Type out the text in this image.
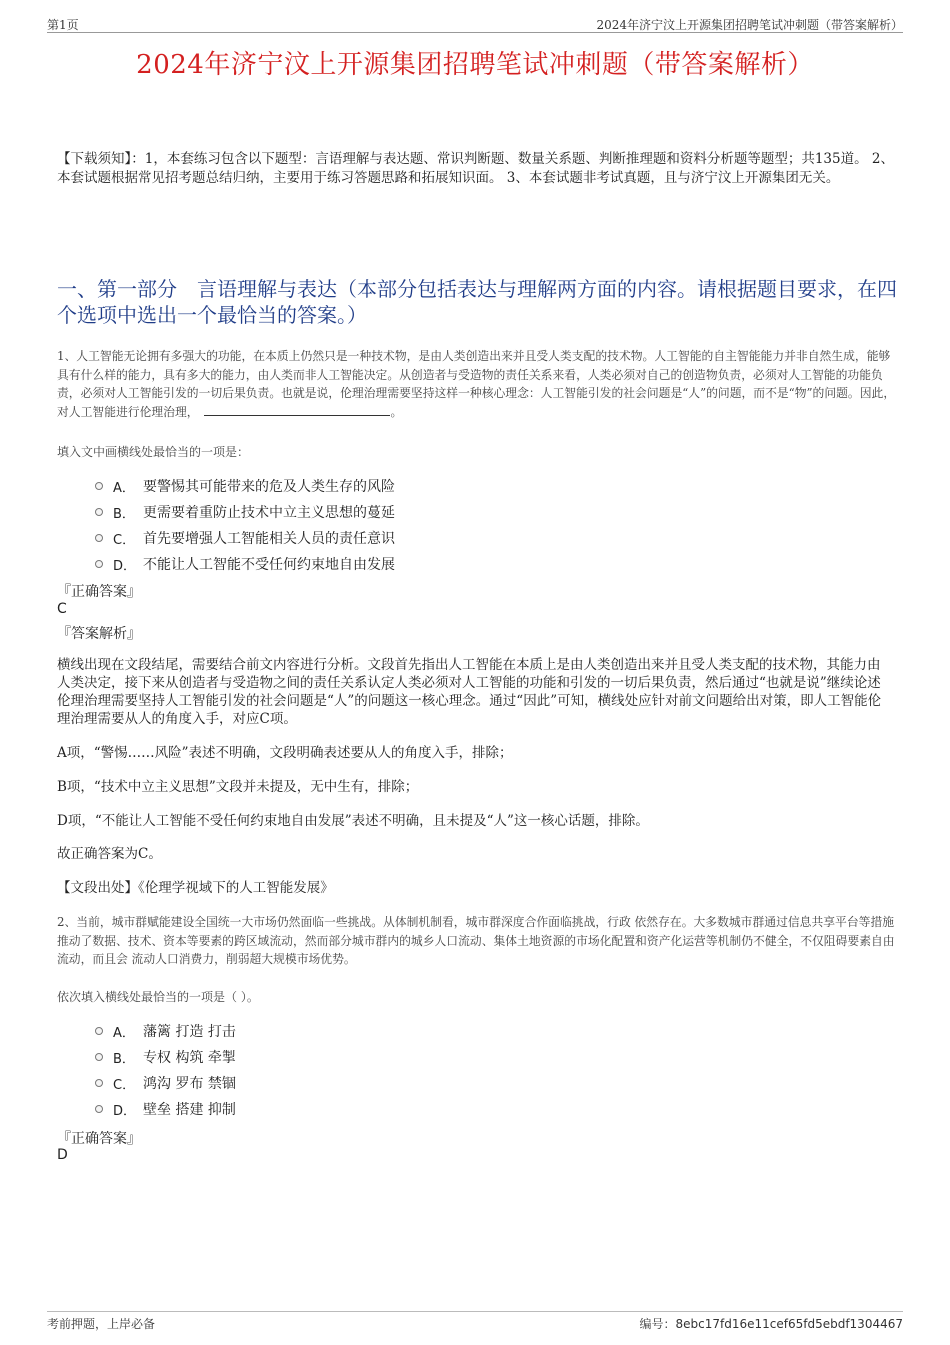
第1页	2024年济宁汶上开源集团招聘笔试冲刺题（带答案解析）
2024年济宁汶上开源集团招聘笔试冲刺题（带答案解析）
【下载须知】：1，本套练习包含以下题型：言语理解与表达题、常识判断题、数量关系题、判断推理题和资料分析题等题型；共135道。 2、本套试题根据常见招考题总结归纳，主要用于练习答题思路和拓展知识面。 3、本套试题非考试真题，且与济宁汶上开源集团无关。
一、第一部分　言语理解与表达（本部分包括表达与理解两方面的内容。请根据题目要求，在四个选项中选出一个最恰当的答案。）
1、人工智能无论拥有多强大的功能，在本质上仍然只是一种技术物，是由人类创造出来并且受人类支配的技术物。人工智能的自主智能能力并非自然生成，能够具有什么样的能力，具有多大的能力，由人类而非人工智能决定。从创造者与受造物的责任关系来看，人类必须对自己的创造物负责，必须对人工智能的功能负责，必须对人工智能引发的一切后果负责。也就是说，伦理治理需要坚持这样一种核心理念：人工智能引发的社会问题是“人”的问题，而不是“物”的问题。因此，对人工智能进行伦理治理，　	。
填入文中画横线处最恰当的一项是：
A． 要警惕其可能带来的危及人类生存的风险
B． 更需要着重防止技术中立主义思想的蔓延
C． 首先要增强人工智能相关人员的责任意识
D． 不能让人工智能不受任何约束地自由发展
『正确答案』
C
『答案解析』
横线出现在文段结尾，需要结合前文内容进行分析。文段首先指出人工智能在本质上是由人类创造出来并且受人类支配的技术物，其能力由人类决定，接下来从创造者与受造物之间的责任关系认定人类必须对人工智能的功能和引发的一切后果负责，然后通过“也就是说”继续论述伦理治理需要坚持人工智能引发的社会问题是“人”的问题这一核心理念。通过“因此”可知，横线处应针对前文问题给出对策，即人工智能伦理治理需要从人的角度入手，对应C项。
A项，“警惕……风险”表述不明确，文段明确表述要从人的角度入手，排除；
B项，“技术中立主义思想”文段并未提及，无中生有，排除；
D项，“不能让人工智能不受任何约束地自由发展”表述不明确，且未提及“人”这一核心话题，排除。
故正确答案为C。
【文段出处】《伦理学视域下的人工智能发展》
2、当前，城市群赋能建设全国统一大市场仍然面临一些挑战。从体制机制看，城市群深度合作面临挑战，行政 依然存在。大多数城市群通过信息共享平台等措施推动了数据、技术、资本等要素的跨区域流动，然而部分城市群内的城乡人口流动、集体土地资源的市场化配置和资产化运营等机制仍不健全，不仅阻碍要素自由流动，而且会 流动人口消费力，削弱超大规模市场优势。
依次填入横线处最恰当的一项是（ ）。
A． 藩篱 打造 打击
B． 专权 构筑 牵掣
C． 鸿沟 罗布 禁锢
D． 壁垒 搭建 抑制
『正确答案』
D
考前押题，上岸必备	编号：8ebc17fd16e11cef65fd5ebdf1304467
